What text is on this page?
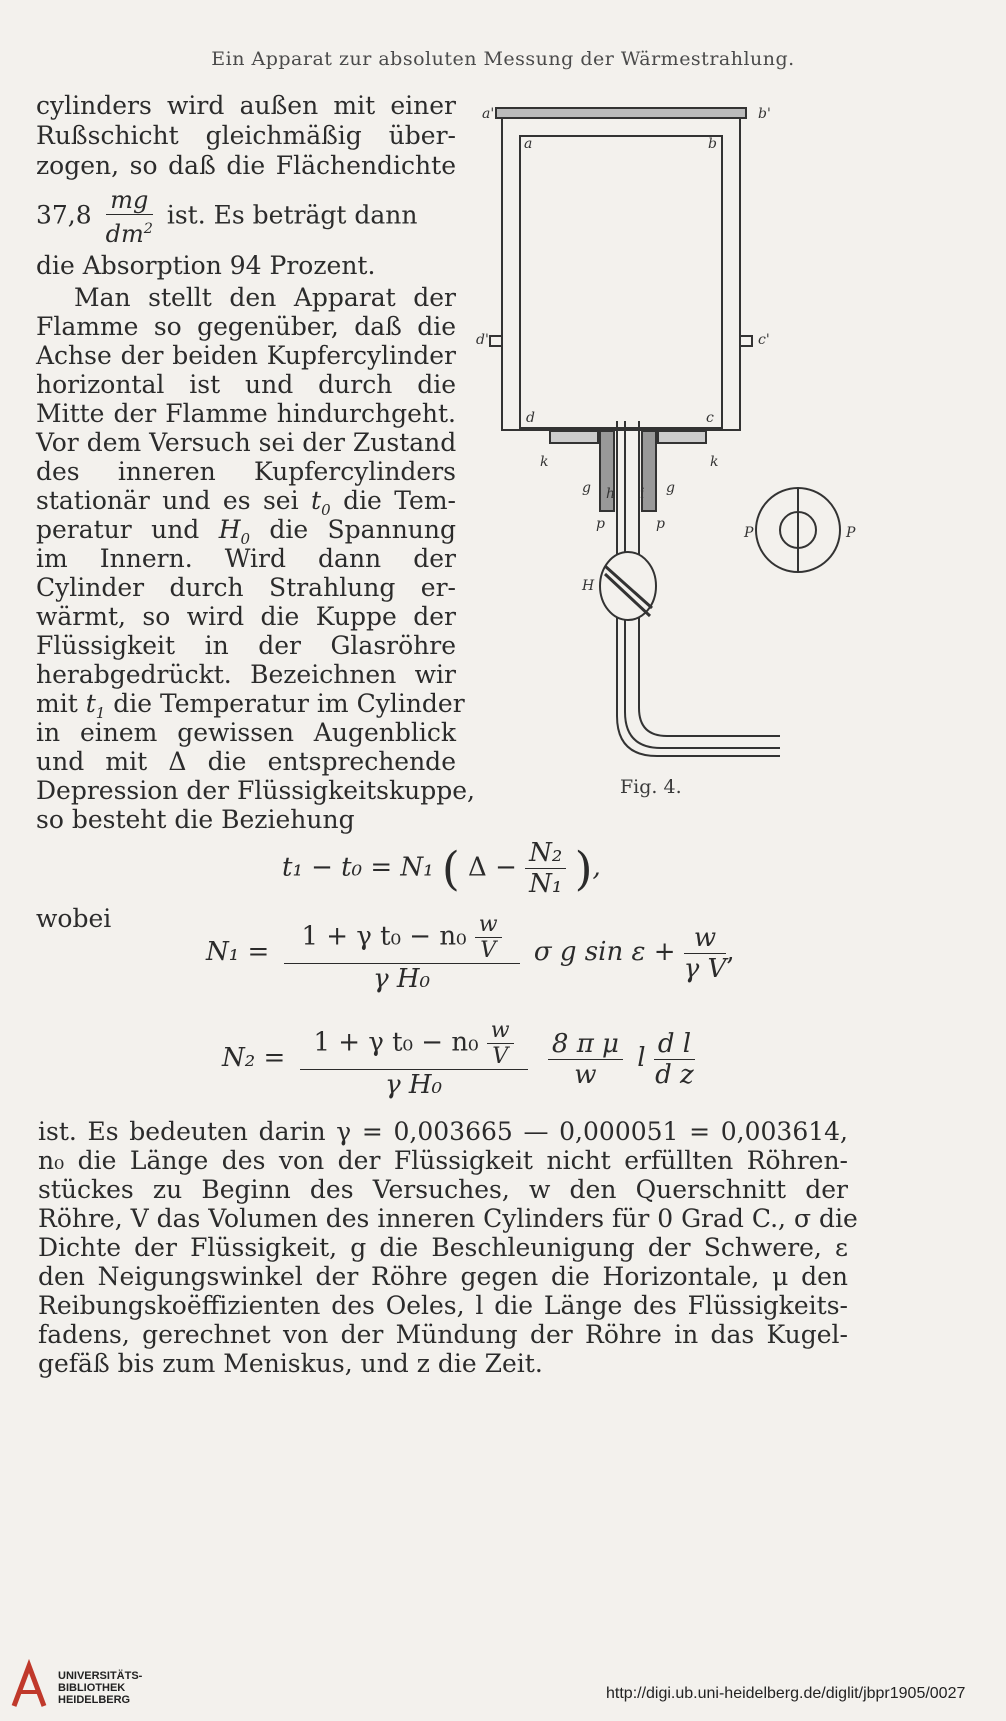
Ein Apparat zur absoluten Messung der Wärmestrahlung.
cylinders wird außen mit einer
Rußschicht gleichmäßig über-
zogen, so daß die Flächendichte
$37,8 \frac{mg}{dm^2}$ ist. Es beträgt dann
die Absorption 94 Prozent.
Man stellt den Apparat der
Flamme so gegenüber, daß die
Achse der beiden Kupfercylinder
horizontal ist und durch die
Mitte der Flamme hindurchgeht.
Vor dem Versuch sei der Zustand
des inneren Kupfercylinders
stationär und es sei $t_0$ die Tem-
peratur und $H_0$ die Spannung
im Innern. Wird dann der
Cylinder durch Strahlung er-
wärmt, so wird die Kuppe der
Flüssigkeit in der Glasröhre
herabgedrückt. Bezeichnen wir
mit $t_1$ die Temperatur im Cylinder
in einem gewissen Augenblick
und mit Δ die entsprechende
Depression der Flüssigkeitskuppe,
so besteht die Beziehung
a'
a	b
b'
d	c
d'	c'
k	k
g	g
h i
p	p
P	P
H
Fig. 4.
t₁ − t₀ = N₁ ( $\Delta - \frac{\text{N₂}}{\text{N₁}}$ ),
wobei
$N_1 = \frac{1 + \gamma t_0 - n_0 \frac{w}{V}}{\text{γ H₀}}$ σ g $\sin \varepsilon + \frac{w}{\text{γ V}}$ ,
$N_2 = \frac{1 + \gamma t_0 - n_0 \frac{w}{V}}{\text{γ H₀}}$
$\frac{\text{8 π μ}}{w}$ l $\frac{\text{d l}}{\text{d z}}$
ist. Es bedeuten darin γ = 0,003665 — 0,000051 = 0,003614,
n₀ die Länge des von der Flüssigkeit nicht erfüllten Röhren-
stückes zu Beginn des Versuches, w den Querschnitt der
Röhre, V das Volumen des inneren Cylinders für 0 Grad C., σ die
Dichte der Flüssigkeit, g die Beschleunigung der Schwere, ε
den Neigungswinkel der Röhre gegen die Horizontale, μ den
Reibungskoëffizienten des Oeles, l die Länge des Flüssigkeits-
fadens, gerechnet von der Mündung der Röhre in das Kugel-
gefäß bis zum Meniskus, und z die Zeit.
UNIVERSITÄTS-
BIBLIOTHEK
HEIDELBERG	http://digi.ub.uni-heidelberg.de/diglit/jbpr1905/0027
